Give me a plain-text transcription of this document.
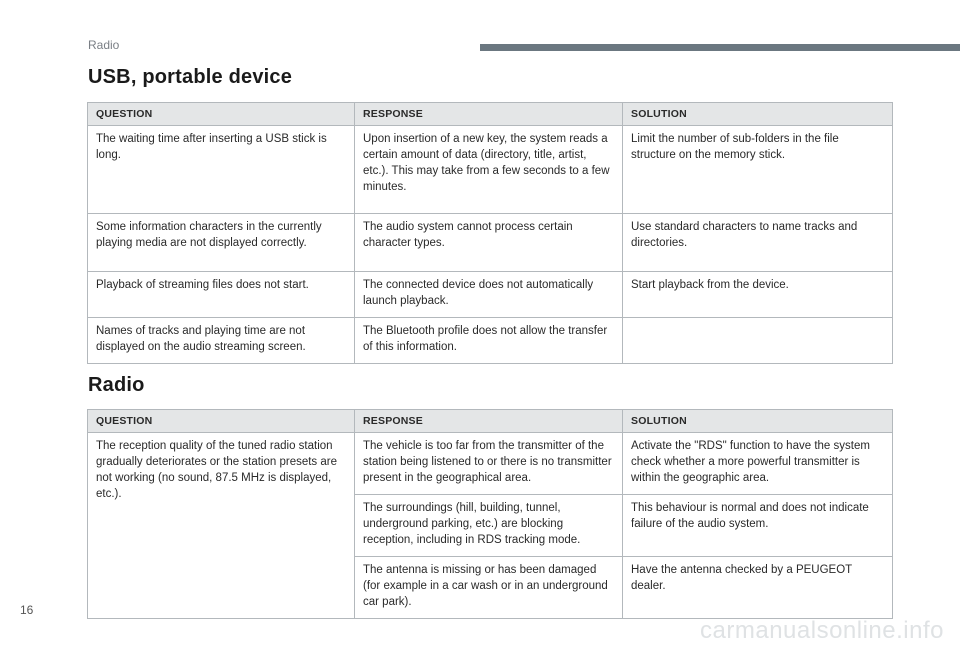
Radio
USB, portable device
QUESTION	RESPONSE	SOLUTION
The waiting time after inserting a USB stick is long.	Upon insertion of a new key, the system reads a certain amount of data (directory, title, artist, etc.). This may take from a few seconds to a few minutes.	Limit the number of sub-folders in the file structure on the memory stick.
Some information characters in the currently playing media are not displayed correctly.	The audio system cannot process certain character types.	Use standard characters to name tracks and directories.
Playback of streaming files does not start.	The connected device does not automatically launch playback.	Start playback from the device.
Names of tracks and playing time are not displayed on the audio streaming screen.	The Bluetooth profile does not allow the transfer of this information.	
Radio
QUESTION	RESPONSE	SOLUTION
The reception quality of the tuned radio station gradually deteriorates or the station presets are not working (no sound, 87.5 MHz is displayed, etc.).	The vehicle is too far from the transmitter of the station being listened to or there is no transmitter present in the geographical area.	Activate the "RDS" function to have the system check whether a more powerful transmitter is within the geographic area.
	The surroundings (hill, building, tunnel, underground parking, etc.) are blocking reception, including in RDS tracking mode.	This behaviour is normal and does not indicate failure of the audio system.
	The antenna is missing or has been damaged (for example in a car wash or in an underground car park).	Have the antenna checked by a PEUGEOT dealer.
16
carmanualsonline.info
